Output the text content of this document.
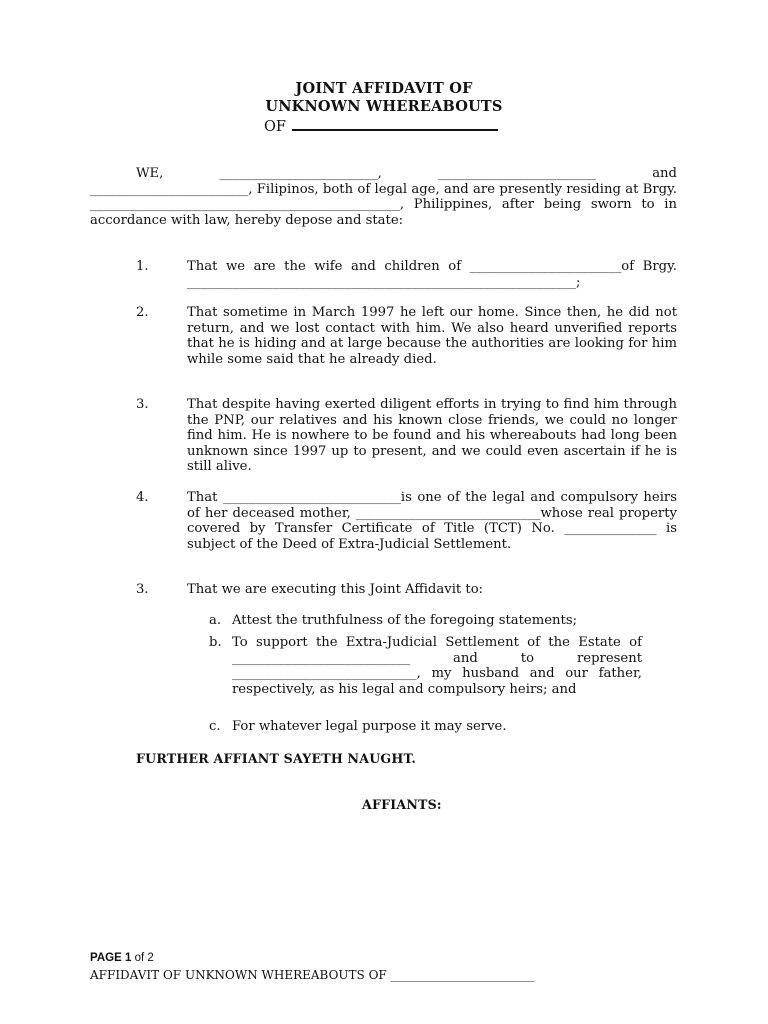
JOINT AFFIDAVIT OF
UNKNOWN WHEREABOUTS
OF

WE, ________________________, ________________________ and ________________________, Filipinos, both of legal age, and are presently residing at Brgy. _______________________________________________, Philippines, after being sworn to in accordance with law, hereby depose and state:

1.	That we are the wife and children of _______________________of Brgy. ___________________________________________________________;

2.	That sometime in March 1997 he left our home. Since then, he did not return, and we lost contact with him. We also heard unverified reports that he is hiding and at large because the authorities are looking for him while some said that he already died.

3.	That despite having exerted diligent efforts in trying to find him through the PNP, our relatives and his known close friends, we could no longer find him. He is nowhere to be found and his whereabouts had long been unknown since 1997 up to present, and we could even ascertain if he is still alive.

4.	That ___________________________is one of the legal and compulsory heirs of her deceased mother, ____________________________whose real property covered by Transfer Certificate of Title (TCT) No. ______________ is subject of the Deed of Extra-Judicial Settlement.

3.	That we are executing this Joint Affidavit to:

a. Attest the truthfulness of the foregoing statements;

b. To support the Extra-Judicial Settlement of the Estate of ___________________________ and to represent ____________________________, my husband and our father, respectively, as his legal and compulsory heirs; and

c. For whatever legal purpose it may serve.

FURTHER AFFIANT SAYETH NAUGHT.
AFFIANTS:
PAGE 1 of 2
AFFIDAVIT OF UNKNOWN WHEREABOUTS OF ________________________
